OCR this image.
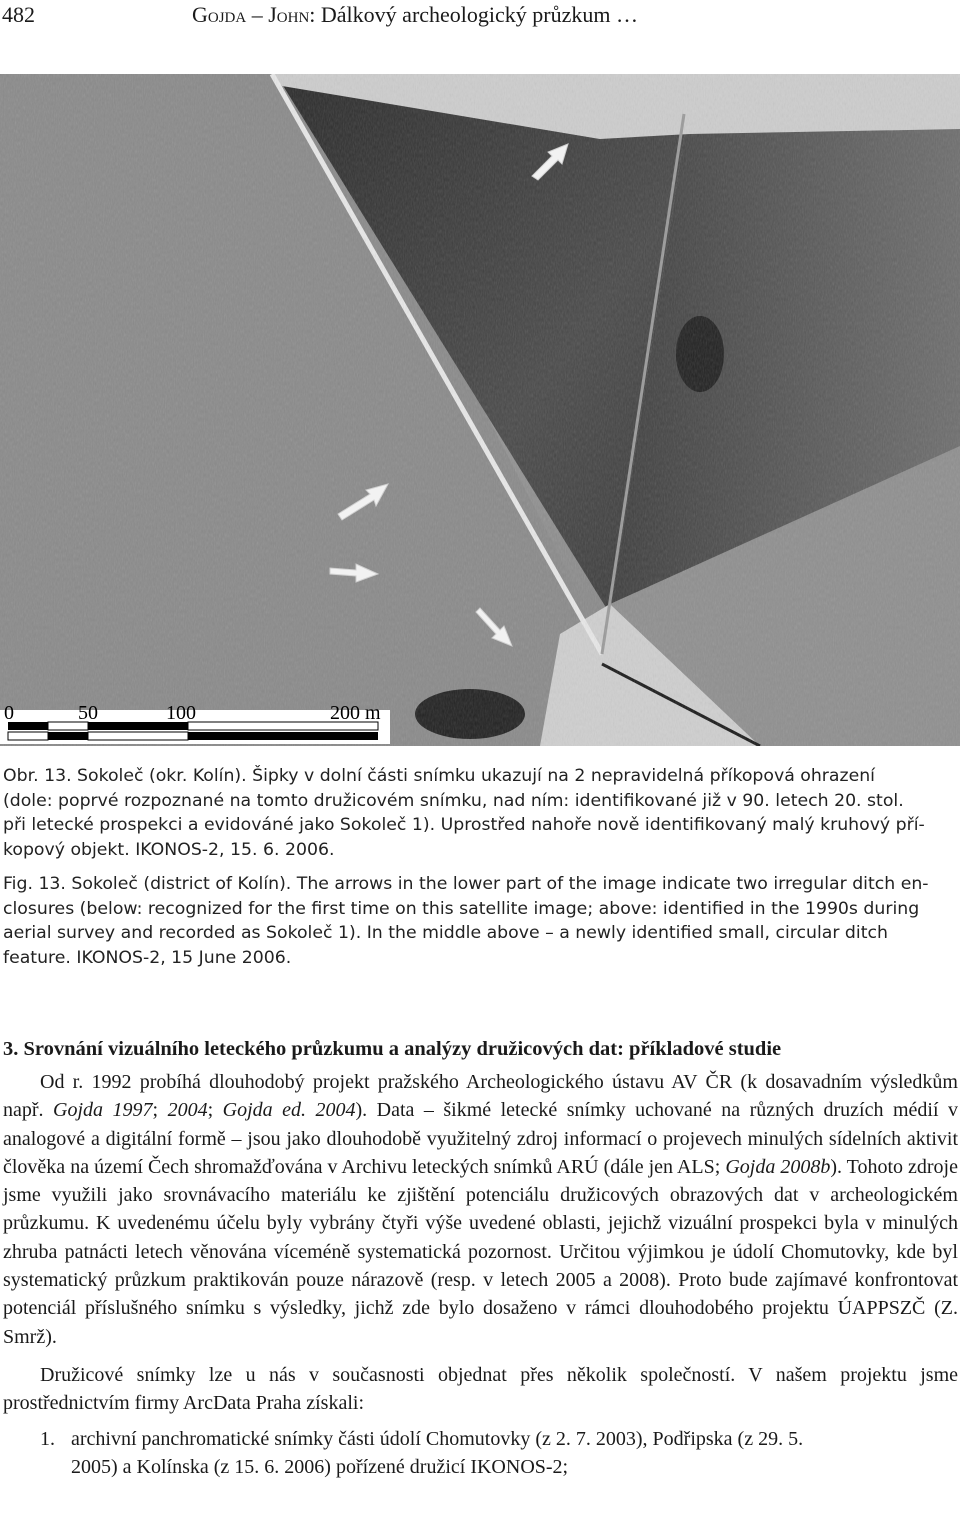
482	Gojda – John: Dálkový archeologický průzkum …
0	50	100	200 m

Obr. 13. Sokoleč (okr. Kolín). Šipky v dolní části snímku ukazují na 2 nepravidelná příkopová ohrazení

(dole: poprvé rozpoznané na tomto družicovém snímku, nad ním: identifikované již v 90. letech 20. stol.

při letecké prospekci a evidováné jako Sokoleč 1). Uprostřed nahoře nově identifikovaný malý kruhový pří-

kopový objekt. IKONOS-2, 15. 6. 2006.

Fig. 13. Sokoleč (district of Kolín). The arrows in the lower part of the image indicate two irregular ditch en-

closures (below: recognized for the first time on this satellite image; above: identified in the 1990s during

aerial survey and recorded as Sokoleč 1). In the middle above – a newly identified small, circular ditch

feature. IKONOS-2, 15 June 2006.

3. Srovnání vizuálního leteckého průzkumu a analýzy družicových dat: příkladové studie

Od r. 1992 probíhá dlouhodobý projekt pražského Archeologického ústavu AV ČR (k dosavadním výsledkům např. Gojda 1997; 2004; Gojda ed. 2004). Data – šikmé letecké snímky uchované na různých druzích médií v analogové a digitální formě – jsou jako dlouhodobě využitelný zdroj informací o projevech minulých sídelních aktivit člověka na území Čech shromažďována v Archivu leteckých snímků ARÚ (dále jen ALS; Gojda 2008b). Tohoto zdroje jsme využili jako srovnávacího materiálu ke zjištění potenciálu družicových obrazových dat v archeologickém průzkumu. K uvedenému účelu byly vybrány čtyři výše uvedené oblasti, jejichž vizuální prospekci byla v minulých zhruba patnácti letech věnována víceméně systematická pozornost. Určitou výjimkou je údolí Chomutovky, kde byl systematický průzkum praktikován pouze nárazově (resp. v letech 2005 a 2008). Proto bude zajímavé konfrontovat potenciál příslušného snímku s výsledky, jichž zde bylo dosaženo v rámci dlouhodobého projektu ÚAPPSZČ (Z. Smrž).

Družicové snímky lze u nás v současnosti objednat přes několik společností. V našem projektu jsme prostřednictvím firmy ArcData Praha získali:

1. archivní panchromatické snímky části údolí Chomutovky (z 2. 7. 2003), Podřipska (z 29. 5.
2005) a Kolínska (z 15. 6. 2006) pořízené družicí IKONOS-2;
